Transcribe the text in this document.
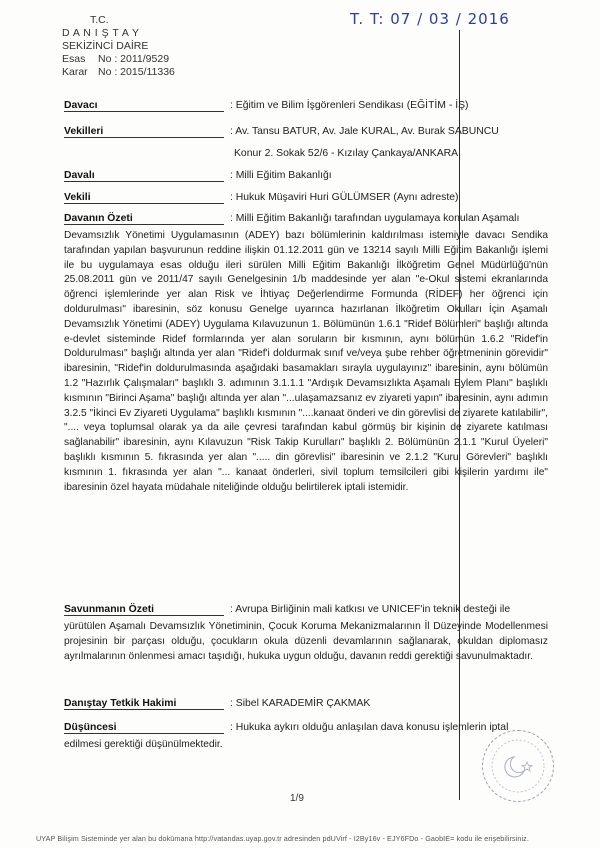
T.C.
D A N I Ş T A Y
SEKİZİNCİ DAİRE
Esas No : 2011/9529
Karar No : 2015/11336
T. T: 07 / 03 / 2016
Davacı	: Eğitim ve Bilim İşgörenleri Sendikası (EĞİTİM - İŞ)
Vekilleri	: Av. Tansu BATUR, Av. Jale KURAL, Av. Burak SABUNCU
Konur 2. Sokak 52/6 - Kızılay Çankaya/ANKARA
Davalı	: Milli Eğitim Bakanlığı
Vekili	: Hukuk Müşaviri Huri GÜLÜMSER (Aynı adreste)
Davanın Özeti	: Milli Eğitim Bakanlığı tarafından uygulamaya konulan Aşamalı
Devamsızlık Yönetimi Uygulamasının (ADEY) bazı bölümlerinin kaldırılması istemiyle davacı Sendika tarafından yapılan başvurunun reddine ilişkin 01.12.2011 gün ve 13214 sayılı Milli Eğitim Bakanlığı işlemi ile bu uygulamaya esas olduğu ileri sürülen Milli Eğitim Bakanlığı İlköğretim Genel Müdürlüğü'nün 25.08.2011 gün ve 2011/47 sayılı Genelgesinin 1/b maddesinde yer alan "e-Okul sistemi ekranlarında öğrenci işlemlerinde yer alan Risk ve İhtiyaç Değerlendirme Formunda (RİDEF) her öğrenci için doldurulması" ibaresinin, söz konusu Genelge uyarınca hazırlanan İlköğretim Okulları İçin Aşamalı Devamsızlık Yönetimi (ADEY) Uygulama Kılavuzunun 1. Bölümünün 1.6.1 "Ridef Bölümleri" başlığı altında e-devlet sisteminde Ridef formlarında yer alan soruların bir kısmının, aynı bölümün 1.6.2 "Ridef'in Doldurulması" başlığı altında yer alan "Ridef'i doldurmak sınıf ve/veya şube rehber öğretmeninin görevidir" ibaresinin, "Ridef'in doldurulmasında aşağıdaki basamakları sırayla uygulayınız" ibaresinin, aynı bölümün 1.2 "Hazırlık Çalışmaları" başlıklı 3. adımının 3.1.1.1 "Ardışık Devamsızlıkta Aşamalı Eylem Planı" başlıklı kısmının "Birinci Aşama" başlığı altında yer alan "...ulaşamazsanız ev ziyareti yapın" ibaresinin, aynı adımın 3.2.5 "İkinci Ev Ziyareti Uygulama" başlıklı kısmının "....kanaat önderi ve din görevlisi de ziyarete katılabilir", ".... veya toplumsal olarak ya da aile çevresi tarafından kabul görmüş bir kişinin de ziyarete katılması sağlanabilir" ibaresinin, aynı Kılavuzun "Risk Takip Kurulları" başlıklı 2. Bölümünün 2.1.1 "Kurul Üyeleri" başlıklı kısmının 5. fıkrasında yer alan "..... din görevlisi" ibaresinin ve 2.1.2 "Kurul Görevleri" başlıklı kısmının 1. fıkrasında yer alan "... kanaat önderleri, sivil toplum temsilcileri gibi kişilerin yardımı ile" ibaresinin özel hayata müdahale niteliğinde olduğu belirtilerek iptali istemidir.
Savunmanın Özeti	: Avrupa Birliğinin mali katkısı ve UNICEF'in teknik desteği ile
yürütülen Aşamalı Devamsızlık Yönetiminin, Çocuk Koruma Mekanizmalarının İl Düzeyinde Modellenmesi projesinin bir parçası olduğu, çocukların okula düzenli devamlarının sağlanarak, okuldan diplomasız ayrılmalarının önlenmesi amacı taşıdığı, hukuka uygun olduğu, davanın reddi gerektiği savunulmaktadır.
Danıştay Tetkik Hakimi	: Sibel KARADEMİR ÇAKMAK
Düşüncesi	: Hukuka aykırı olduğu anlaşılan dava konusu işlemlerin iptal
edilmesi gerektiği düşünülmektedir.
1/9
UYAP Bilişim Sisteminde yer alan bu dokümana http://vatandas.uyap.gov.tr adresinden pdUVirf - I2By16v - EJY6FDo - GaobIE= kodu ile erişebilirsiniz.
